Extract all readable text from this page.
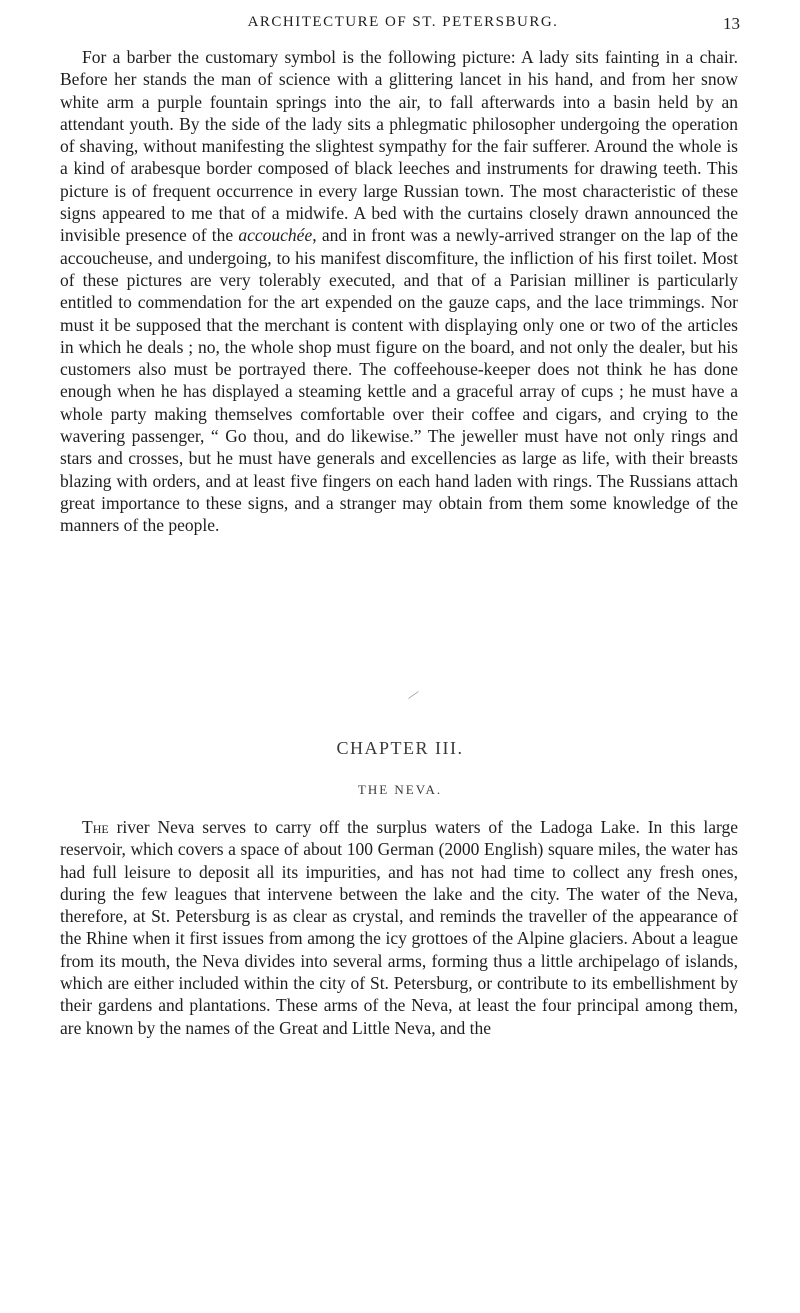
ARCHITECTURE OF ST. PETERSBURG.	13

For a barber the customary symbol is the following picture: A lady sits fainting in a chair. Before her stands the man of science with a glittering lancet in his hand, and from her snow white arm a purple fountain springs into the air, to fall afterwards into a basin held by an attendant youth. By the side of the lady sits a phlegmatic philosopher undergoing the operation of shaving, without manifesting the slightest sympathy for the fair sufferer. Around the whole is a kind of arabesque border composed of black leeches and instruments for drawing teeth. This picture is of frequent occurrence in every large Russian town. The most characteristic of these signs appeared to me that of a midwife. A bed with the curtains closely drawn announced the invisible presence of the accouchée, and in front was a newly-arrived stranger on the lap of the accoucheuse, and undergoing, to his manifest discomfiture, the infliction of his first toilet. Most of these pictures are very tolerably executed, and that of a Parisian milliner is particularly entitled to commendation for the art expended on the gauze caps, and the lace trimmings. Nor must it be supposed that the merchant is content with displaying only one or two of the articles in which he deals ; no, the whole shop must figure on the board, and not only the dealer, but his customers also must be portrayed there. The coffeehouse-keeper does not think he has done enough when he has displayed a steaming kettle and a graceful array of cups ; he must have a whole party making themselves comfortable over their coffee and cigars, and crying to the wavering passenger, “ Go thou, and do likewise.” The jeweller must have not only rings and stars and crosses, but he must have generals and excellencies as large as life, with their breasts blazing with orders, and at least five fingers on each hand laden with rings. The Russians attach great importance to these signs, and a stranger may obtain from them some knowledge of the manners of the people.

—
CHAPTER III.
THE NEVA.

The river Neva serves to carry off the surplus waters of the Ladoga Lake. In this large reservoir, which covers a space of about 100 German (2000 English) square miles, the water has had full leisure to deposit all its impurities, and has not had time to collect any fresh ones, during the few leagues that intervene between the lake and the city. The water of the Neva, therefore, at St. Petersburg is as clear as crystal, and reminds the traveller of the appearance of the Rhine when it first issues from among the icy grottoes of the Alpine glaciers. About a league from its mouth, the Neva divides into several arms, forming thus a little archipelago of islands, which are either included within the city of St. Petersburg, or contribute to its embellishment by their gardens and plantations. These arms of the Neva, at least the four principal among them, are known by the names of the Great and Little Neva, and the
